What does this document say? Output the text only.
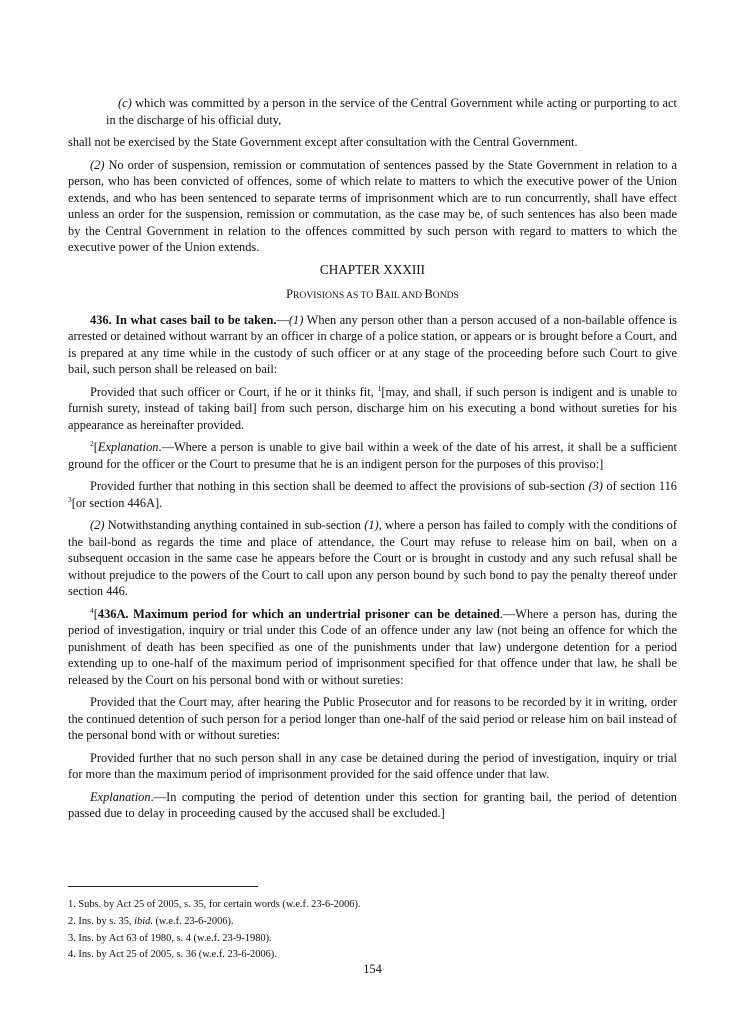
(c) which was committed by a person in the service of the Central Government while acting or purporting to act in the discharge of his official duty,

shall not be exercised by the State Government except after consultation with the Central Government.

(2) No order of suspension, remission or commutation of sentences passed by the State Government in relation to a person, who has been convicted of offences, some of which relate to matters to which the executive power of the Union extends, and who has been sentenced to separate terms of imprisonment which are to run concurrently, shall have effect unless an order for the suspension, remission or commutation, as the case may be, of such sentences has also been made by the Central Government in relation to the offences committed by such person with regard to matters to which the executive power of the Union extends.

CHAPTER XXXIII
PROVISIONS AS TO BAIL AND BONDS

436. In what cases bail to be taken.—(1) When any person other than a person accused of a non-bailable offence is arrested or detained without warrant by an officer in charge of a police station, or appears or is brought before a Court, and is prepared at any time while in the custody of such officer or at any stage of the proceeding before such Court to give bail, such person shall be released on bail:

Provided that such officer or Court, if he or it thinks fit, $^1$[may, and shall, if such person is indigent and is unable to furnish surety, instead of taking bail] from such person, discharge him on his executing a bond without sureties for his appearance as hereinafter provided.

$^2$[Explanation.—Where a person is unable to give bail within a week of the date of his arrest, it shall be a sufficient ground for the officer or the Court to presume that he is an indigent person for the purposes of this proviso:]

Provided further that nothing in this section shall be deemed to affect the provisions of sub-section (3) of section 116 $^3$[or section 446A].

(2) Notwithstanding anything contained in sub-section (1), where a person has failed to comply with the conditions of the bail-bond as regards the time and place of attendance, the Court may refuse to release him on bail, when on a subsequent occasion in the same case he appears before the Court or is brought in custody and any such refusal shall be without prejudice to the powers of the Court to call upon any person bound by such bond to pay the penalty thereof under section 446.

$^4$[436A. Maximum period for which an undertrial prisoner can be detained.—Where a person has, during the period of investigation, inquiry or trial under this Code of an offence under any law (not being an offence for which the punishment of death has been specified as one of the punishments under that law) undergone detention for a period extending up to one-half of the maximum period of imprisonment specified for that offence under that law, he shall be released by the Court on his personal bond with or without sureties:

Provided that the Court may, after hearing the Public Prosecutor and for reasons to be recorded by it in writing, order the continued detention of such person for a period longer than one-half of the said period or release him on bail instead of the personal bond with or without sureties:

Provided further that no such person shall in any case be detained during the period of investigation, inquiry or trial for more than the maximum period of imprisonment provided for the said offence under that law.

Explanation.—In computing the period of detention under this section for granting bail, the period of detention passed due to delay in proceeding caused by the accused shall be excluded.]

1. Subs. by Act 25 of 2005, s. 35, for certain words (w.e.f. 23-6-2006).
2. Ins. by s. 35, ibid. (w.e.f. 23-6-2006).
3. Ins. by Act 63 of 1980, s. 4 (w.e.f. 23-9-1980).
4. Ins. by Act 25 of 2005, s. 36 (w.e.f. 23-6-2006).
154
